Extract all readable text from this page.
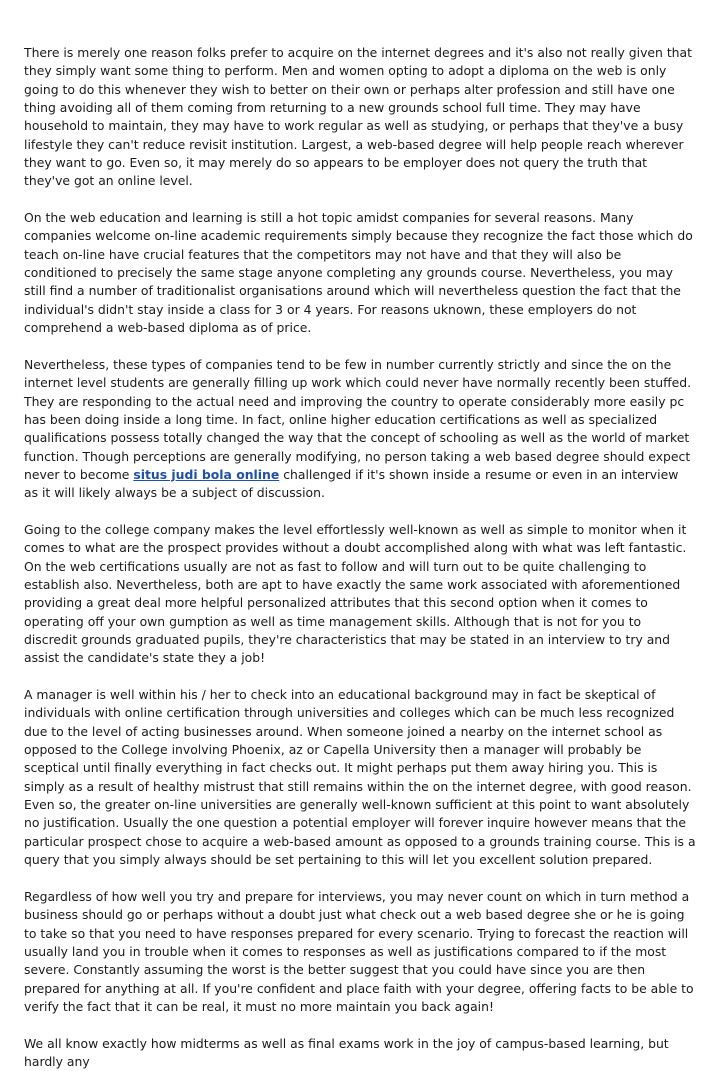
There is merely one reason folks prefer to acquire on the internet degrees and it's also not really given that they simply want some thing to perform. Men and women opting to adopt a diploma on the web is only going to do this whenever they wish to better on their own or perhaps alter profession and still have one thing avoiding all of them coming from returning to a new grounds school full time. They may have household to maintain, they may have to work regular as well as studying, or perhaps that they've a busy lifestyle they can't reduce revisit institution. Largest, a web-based degree will help people reach wherever they want to go. Even so, it may merely do so appears to be employer does not query the truth that they've got an online level.

On the web education and learning is still a hot topic amidst companies for several reasons. Many companies welcome on-line academic requirements simply because they recognize the fact those which do teach on-line have crucial features that the competitors may not have and that they will also be conditioned to precisely the same stage anyone completing any grounds course. Nevertheless, you may still find a number of traditionalist organisations around which will nevertheless question the fact that the individual's didn't stay inside a class for 3 or 4 years. For reasons uknown, these employers do not comprehend a web-based diploma as of price.

Nevertheless, these types of companies tend to be few in number currently strictly and since the on the internet level students are generally filling up work which could never have normally recently been stuffed. They are responding to the actual need and improving the country to operate considerably more easily pc has been doing inside a long time. In fact, online higher education certifications as well as specialized qualifications possess totally changed the way that the concept of schooling as well as the world of market function. Though perceptions are generally modifying, no person taking a web based degree should expect never to become situs judi bola online challenged if it's shown inside a resume or even in an interview as it will likely always be a subject of discussion.

Going to the college company makes the level effortlessly well-known as well as simple to monitor when it comes to what are the prospect provides without a doubt accomplished along with what was left fantastic. On the web certifications usually are not as fast to follow and will turn out to be quite challenging to establish also. Nevertheless, both are apt to have exactly the same work associated with aforementioned providing a great deal more helpful personalized attributes that this second option when it comes to operating off your own gumption as well as time management skills. Although that is not for you to discredit grounds graduated pupils, they're characteristics that may be stated in an interview to try and assist the candidate's state they a job!

A manager is well within his / her to check into an educational background may in fact be skeptical of individuals with online certification through universities and colleges which can be much less recognized due to the level of acting businesses around. When someone joined a nearby on the internet school as opposed to the College involving Phoenix, az or Capella University then a manager will probably be sceptical until finally everything in fact checks out. It might perhaps put them away hiring you. This is simply as a result of healthy mistrust that still remains within the on the internet degree, with good reason. Even so, the greater on-line universities are generally well-known sufficient at this point to want absolutely no justification. Usually the one question a potential employer will forever inquire however means that the particular prospect chose to acquire a web-based amount as opposed to a grounds training course. This is a query that you simply always should be set pertaining to this will let you excellent solution prepared.

Regardless of how well you try and prepare for interviews, you may never count on which in turn method a business should go or perhaps without a doubt just what check out a web based degree she or he is going to take so that you need to have responses prepared for every scenario. Trying to forecast the reaction will usually land you in trouble when it comes to responses as well as justifications compared to if the most severe. Constantly assuming the worst is the better suggest that you could have since you are then prepared for anything at all. If you're confident and place faith with your degree, offering facts to be able to verify the fact that it can be real, it must no more maintain you back again!

We all know exactly how midterms as well as final exams work in the joy of campus-based learning, but hardly any
